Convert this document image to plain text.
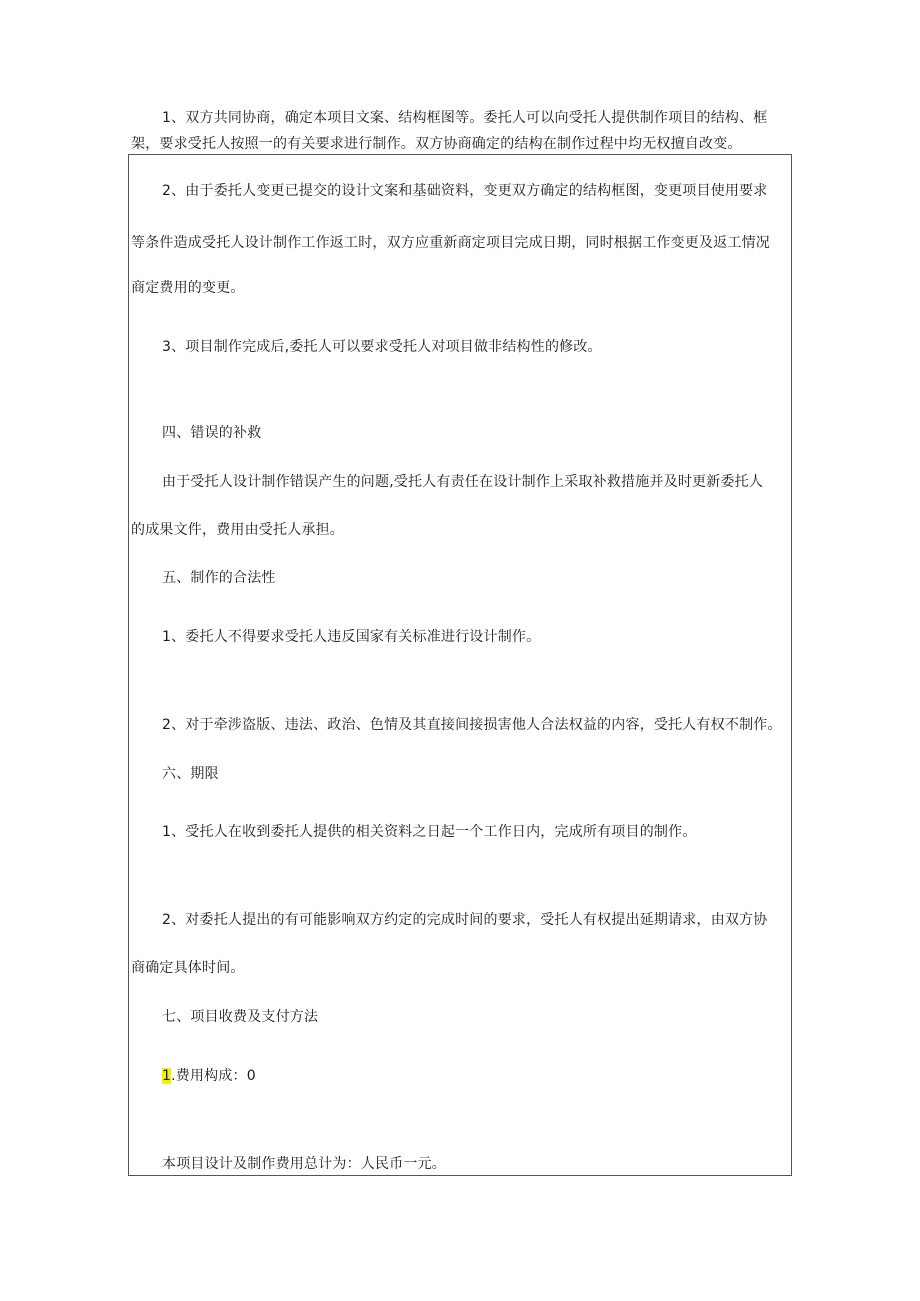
1、双方共同协商，确定本项目文案、结构框图等。委托人可以向受托人提供制作项目的结构、框
架，要求受托人按照一的有关要求进行制作。双方协商确定的结构在制作过程中均无权擅自改变。
2、由于委托人变更已提交的设计文案和基础资料，变更双方确定的结构框图，变更项目使用要求
等条件造成受托人设计制作工作返工时，双方应重新商定项目完成日期，同时根据工作变更及返工情况
商定费用的变更。
3、项目制作完成后,委托人可以要求受托人对项目做非结构性的修改。
四、错误的补救
由于受托人设计制作错误产生的问题,受托人有责任在设计制作上采取补救措施并及时更新委托人
的成果文件，费用由受托人承担。
五、制作的合法性
1、委托人不得要求受托人违反国家有关标准进行设计制作。
2、对于牵涉盗版、违法、政治、色情及其直接间接损害他人合法权益的内容，受托人有权不制作。
六、期限
1、受托人在收到委托人提供的相关资料之日起一个工作日内，完成所有项目的制作。
2、对委托人提出的有可能影响双方约定的完成时间的要求，受托人有权提出延期请求，由双方协
商确定具体时间。
七、项目收费及支付方法
1.费用构成：0
本项目设计及制作费用总计为：人民币一元。
